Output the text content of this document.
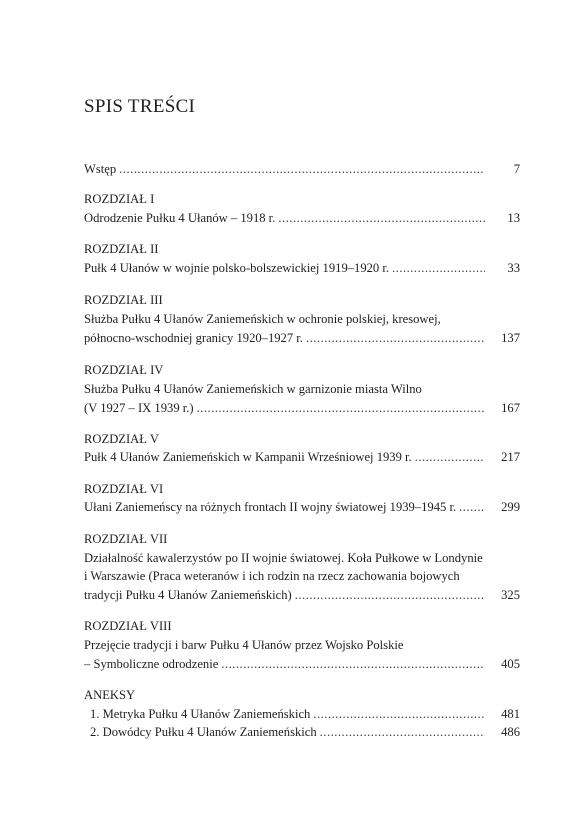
SPIS TREŚCI
Wstęp .....	7
ROZDZIAŁ I
Odrodzenie Pułku 4 Ułanów – 1918 r. .....	13
ROZDZIAŁ II
Pułk 4 Ułanów w wojnie polsko-bolszewickiej 1919–1920 r. .....	33
ROZDZIAŁ III
Służba Pułku 4 Ułanów Zaniemeńskich w ochronie polskiej, kresowej,
północno-wschodniej granicy 1920–1927 r. .....	137
ROZDZIAŁ IV
Służba Pułku 4 Ułanów Zaniemeńskich w garnizonie miasta Wilno
(V 1927 – IX 1939 r.) .....	167
ROZDZIAŁ V
Pułk 4 Ułanów Zaniemeńskich w Kampanii Wrześniowej 1939 r. .....	217
ROZDZIAŁ VI
Ułani Zaniemeńscy na różnych frontach II wojny światowej 1939–1945 r. .....	299
ROZDZIAŁ VII
Działalność kawalerzystów po II wojnie światowej. Koła Pułkowe w Londynie
i Warszawie (Praca weteranów i ich rodzin na rzecz zachowania bojowych
tradycji Pułku 4 Ułanów Zaniemeńskich) .....	325
ROZDZIAŁ VIII
Przejęcie tradycji i barw Pułku 4 Ułanów przez Wojsko Polskie
– Symboliczne odrodzenie .....	405
ANEKSY
1. Metryka Pułku 4 Ułanów Zaniemeńskich .....	481
2. Dowódcy Pułku 4 Ułanów Zaniemeńskich .....	486
